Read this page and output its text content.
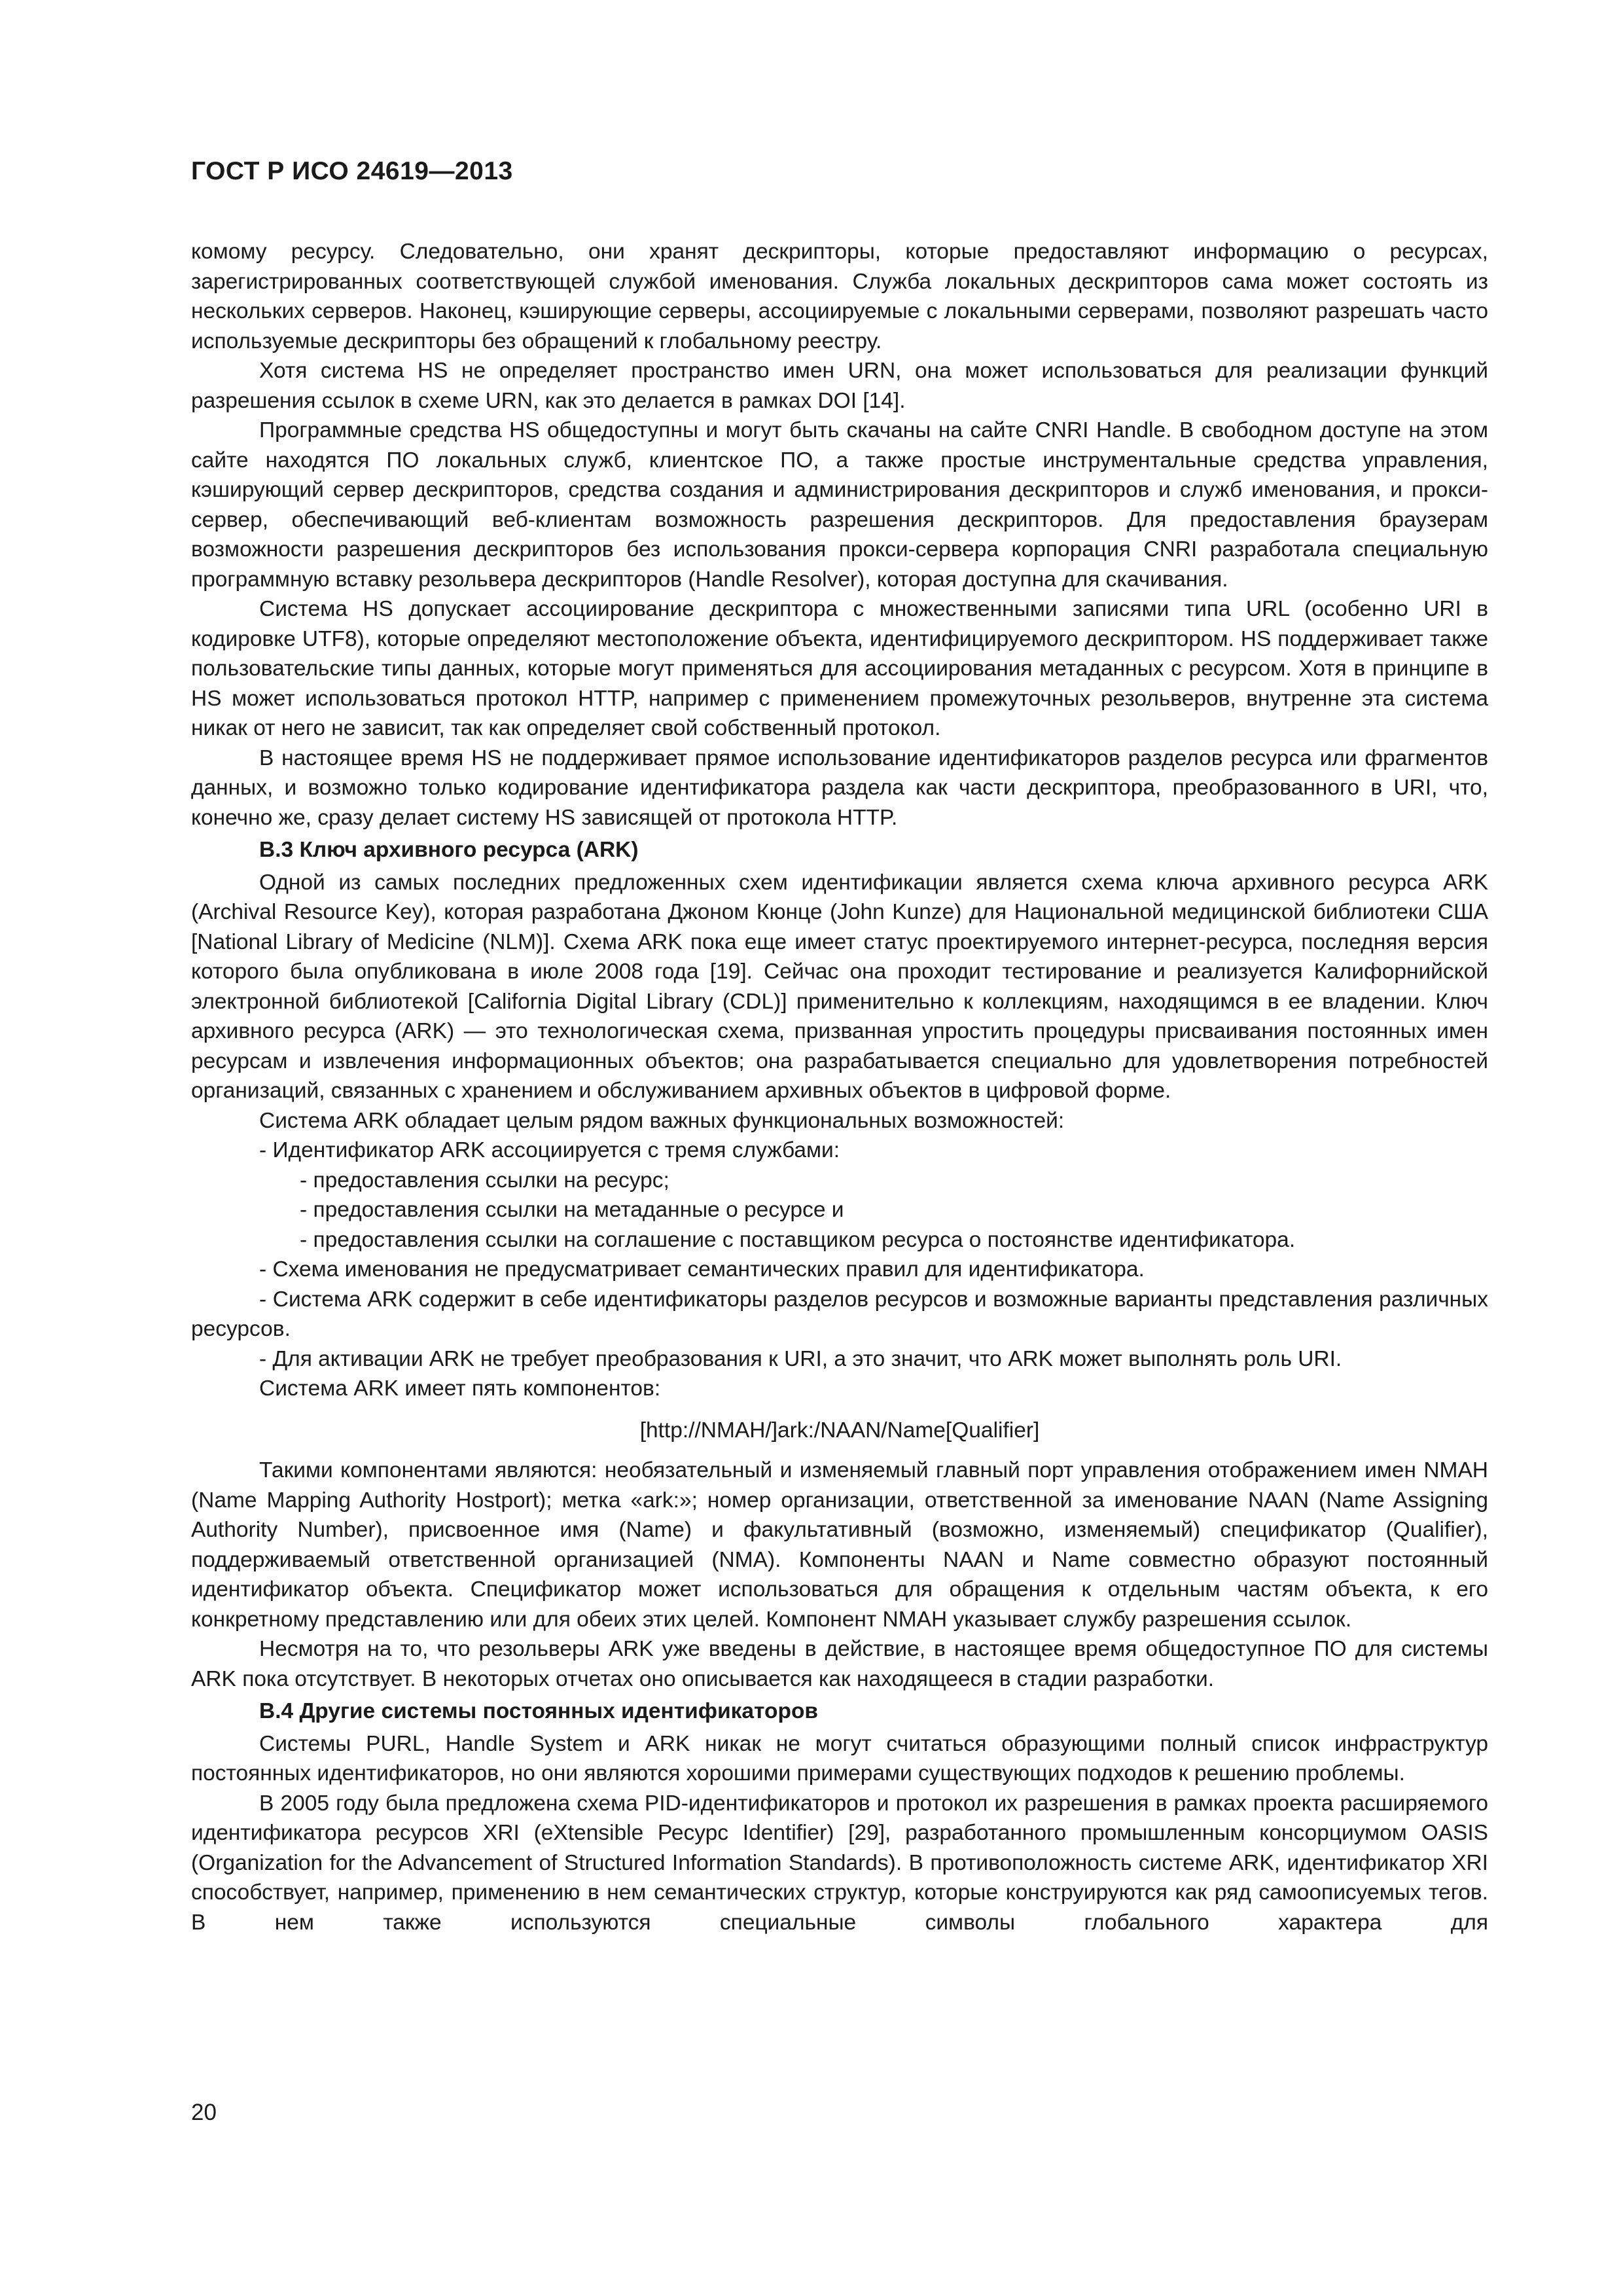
ГОСТ Р ИСО 24619—2013

комому ресурсу. Следовательно, они хранят дескрипторы, которые предоставляют информацию о ресурсах, зарегистрированных соответствующей службой именования. Служба локальных дескрипторов сама может состоять из нескольких серверов. Наконец, кэширующие серверы, ассоциируемые с локальными серверами, позволяют разрешать часто используемые дескрипторы без обращений к глобальному реестру.

Хотя система HS не определяет пространство имен URN, она может использоваться для реализации функций разрешения ссылок в схеме URN, как это делается в рамках DOI [14].

Программные средства HS общедоступны и могут быть скачаны на сайте CNRI Handle. В свободном доступе на этом сайте находятся ПО локальных служб, клиентское ПО, а также простые инструментальные средства управления, кэширующий сервер дескрипторов, средства создания и администрирования дескрипторов и служб именования, и прокси-сервер, обеспечивающий веб-клиентам возможность разрешения дескрипторов. Для предоставления браузерам возможности разрешения дескрипторов без использования прокси-сервера корпорация CNRI разработала специальную программную вставку резольвера дескрипторов (Handle Resolver), которая доступна для скачивания.

Система HS допускает ассоциирование дескриптора с множественными записями типа URL (особенно URI в кодировке UTF8), которые определяют местоположение объекта, идентифицируемого дескриптором. HS поддерживает также пользовательские типы данных, которые могут применяться для ассоциирования метаданных с ресурсом. Хотя в принципе в HS может использоваться протокол HTTP, например с применением промежуточных резольверов, внутренне эта система никак от него не зависит, так как определяет свой собственный протокол.

В настоящее время HS не поддерживает прямое использование идентификаторов разделов ресурса или фрагментов данных, и возможно только кодирование идентификатора раздела как части дескриптора, преобразованного в URI, что, конечно же, сразу делает систему HS зависящей от протокола HTTP.

В.3 Ключ архивного ресурса (ARK)

Одной из самых последних предложенных схем идентификации является схема ключа архивного ресурса ARK (Archival Resource Key), которая разработана Джоном Кюнце (John Kunze) для Национальной медицинской библиотеки США [National Library of Medicine (NLM)]. Схема ARK пока еще имеет статус проектируемого интернет-ресурса, последняя версия которого была опубликована в июле 2008 года [19]. Сейчас она проходит тестирование и реализуется Калифорнийской электронной библиотекой [California Digital Library (CDL)] применительно к коллекциям, находящимся в ее владении. Ключ архивного ресурса (ARK) — это технологическая схема, призванная упростить процедуры присваивания постоянных имен ресурсам и извлечения информационных объектов; она разрабатывается специально для удовлетворения потребностей организаций, связанных с хранением и обслуживанием архивных объектов в цифровой форме.

Система ARK обладает целым рядом важных функциональных возможностей:

- Идентификатор ARK ассоциируется с тремя службами:
- предоставления ссылки на ресурс;
- предоставления ссылки на метаданные о ресурсе и
- предоставления ссылки на соглашение с поставщиком ресурса о постоянстве идентификатора.
- Схема именования не предусматривает семантических правил для идентификатора.
- Система ARK содержит в себе идентификаторы разделов ресурсов и возможные варианты представления различных ресурсов.
- Для активации ARK не требует преобразования к URI, а это значит, что ARK может выполнять роль URI.

Система ARK имеет пять компонентов:

[http://NMAH/]ark:/NAAN/Name[Qualifier]

Такими компонентами являются: необязательный и изменяемый главный порт управления отображением имен NMAH (Name Mapping Authority Hostport); метка «ark:»; номер организации, ответственной за именование NAAN (Name Assigning Authority Number), присвоенное имя (Name) и факультативный (возможно, изменяемый) спецификатор (Qualifier), поддерживаемый ответственной организацией (NMA). Компоненты NAAN и Name совместно образуют постоянный идентификатор объекта. Спецификатор может использоваться для обращения к отдельным частям объекта, к его конкретному представлению или для обеих этих целей. Компонент NMAH указывает службу разрешения ссылок.

Несмотря на то, что резольверы ARK уже введены в действие, в настоящее время общедоступное ПО для системы ARK пока отсутствует. В некоторых отчетах оно описывается как находящееся в стадии разработки.

В.4 Другие системы постоянных идентификаторов

Системы PURL, Handle System и ARK никак не могут считаться образующими полный список инфраструктур постоянных идентификаторов, но они являются хорошими примерами существующих подходов к решению проблемы.

В 2005 году была предложена схема PID-идентификаторов и протокол их разрешения в рамках проекта расширяемого идентификатора ресурсов XRI (eXtensible Ресурс Identifier) [29], разработанного промышленным консорциумом OASIS (Organization for the Advancement of Structured Information Standards). В противоположность системе ARK, идентификатор XRI способствует, например, применению в нем семантических структур, которые конструируются как ряд самоописуемых тегов. В нем также используются специальные символы глобального характера для

20
